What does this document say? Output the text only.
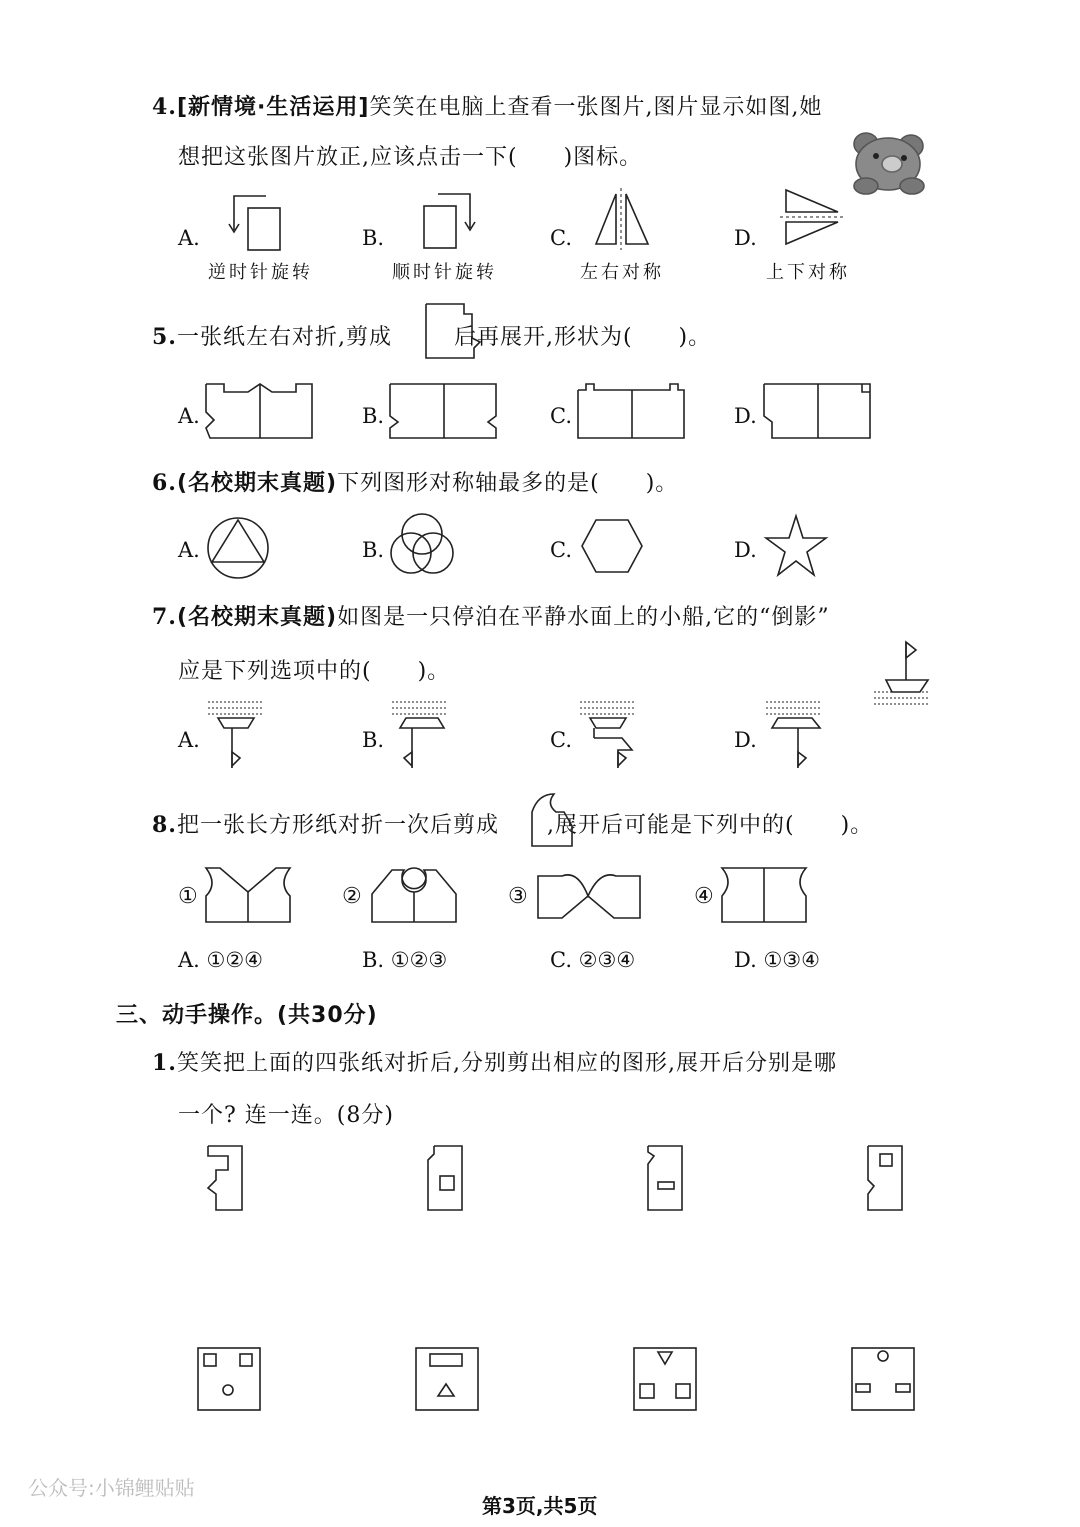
4.[新情境·生活运用]笑笑在电脑上查看一张图片,图片显示如图,她
想把这张图片放正,应该点击一下( )图标。
A.
逆时针旋转
B.
顺时针旋转
C.
左右对称
D.
上下对称
5.一张纸左右对折,剪成	后再展开,形状为( )。
A.	B.	C.	D.
6.(名校期末真题)下列图形对称轴最多的是( )。
A.	B.	C.	D.
7.(名校期末真题)如图是一只停泊在平静水面上的小船,它的“倒影”
应是下列选项中的( )。
A.	B.	C.	D.
8.把一张长方形纸对折一次后剪成 ,展开后可能是下列中的( )。
①	②	③	④
A. ①②④	B. ①②③	C. ②③④	D. ①③④
三、动手操作。(共30分)
1.笑笑把上面的四张纸对折后,分别剪出相应的图形,展开后分别是哪
一个? 连一连。(8分)
公众号:小锦鲤贴贴
第3页,共5页
